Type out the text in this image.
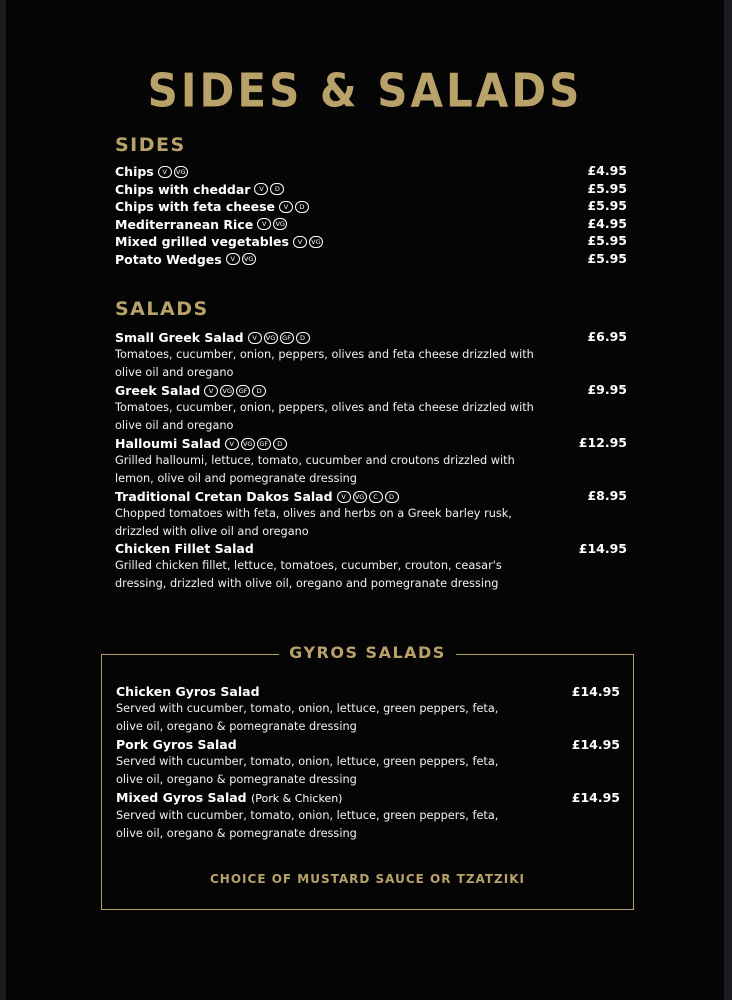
SIDES & SALADS
SIDES
Chips V VG	£4.95
Chips with cheddar V D	£5.95
Chips with feta cheese V D	£5.95
Mediterranean Rice V VG	£4.95
Mixed grilled vegetables V VG	£5.95
Potato Wedges V VG	£5.95
SALADS
Small Greek Salad V VG GF D	£6.95
Tomatoes, cucumber, onion, peppers, olives and feta cheese drizzled with olive oil and oregano
Greek Salad V VG GF D	£9.95
Tomatoes, cucumber, onion, peppers, olives and feta cheese drizzled with olive oil and oregano
Halloumi Salad V VG GF D	£12.95
Grilled halloumi, lettuce, tomato, cucumber and croutons drizzled with lemon, olive oil and pomegranate dressing
Traditional Cretan Dakos Salad V VG C D	£8.95
Chopped tomatoes with feta, olives and herbs on a Greek barley rusk, drizzled with olive oil and oregano
Chicken Fillet Salad	£14.95
Grilled chicken fillet, lettuce, tomatoes, cucumber, crouton, ceasar's dressing, drizzled with olive oil, oregano and pomegranate dressing
GYROS SALADS
Chicken Gyros Salad	£14.95
Served with cucumber, tomato, onion, lettuce, green peppers, feta, olive oil, oregano & pomegranate dressing
Pork Gyros Salad	£14.95
Served with cucumber, tomato, onion, lettuce, green peppers, feta, olive oil, oregano & pomegranate dressing
Mixed Gyros Salad (Pork & Chicken)	£14.95
Served with cucumber, tomato, onion, lettuce, green peppers, feta, olive oil, oregano & pomegranate dressing
CHOICE OF MUSTARD SAUCE OR TZATZIKI
